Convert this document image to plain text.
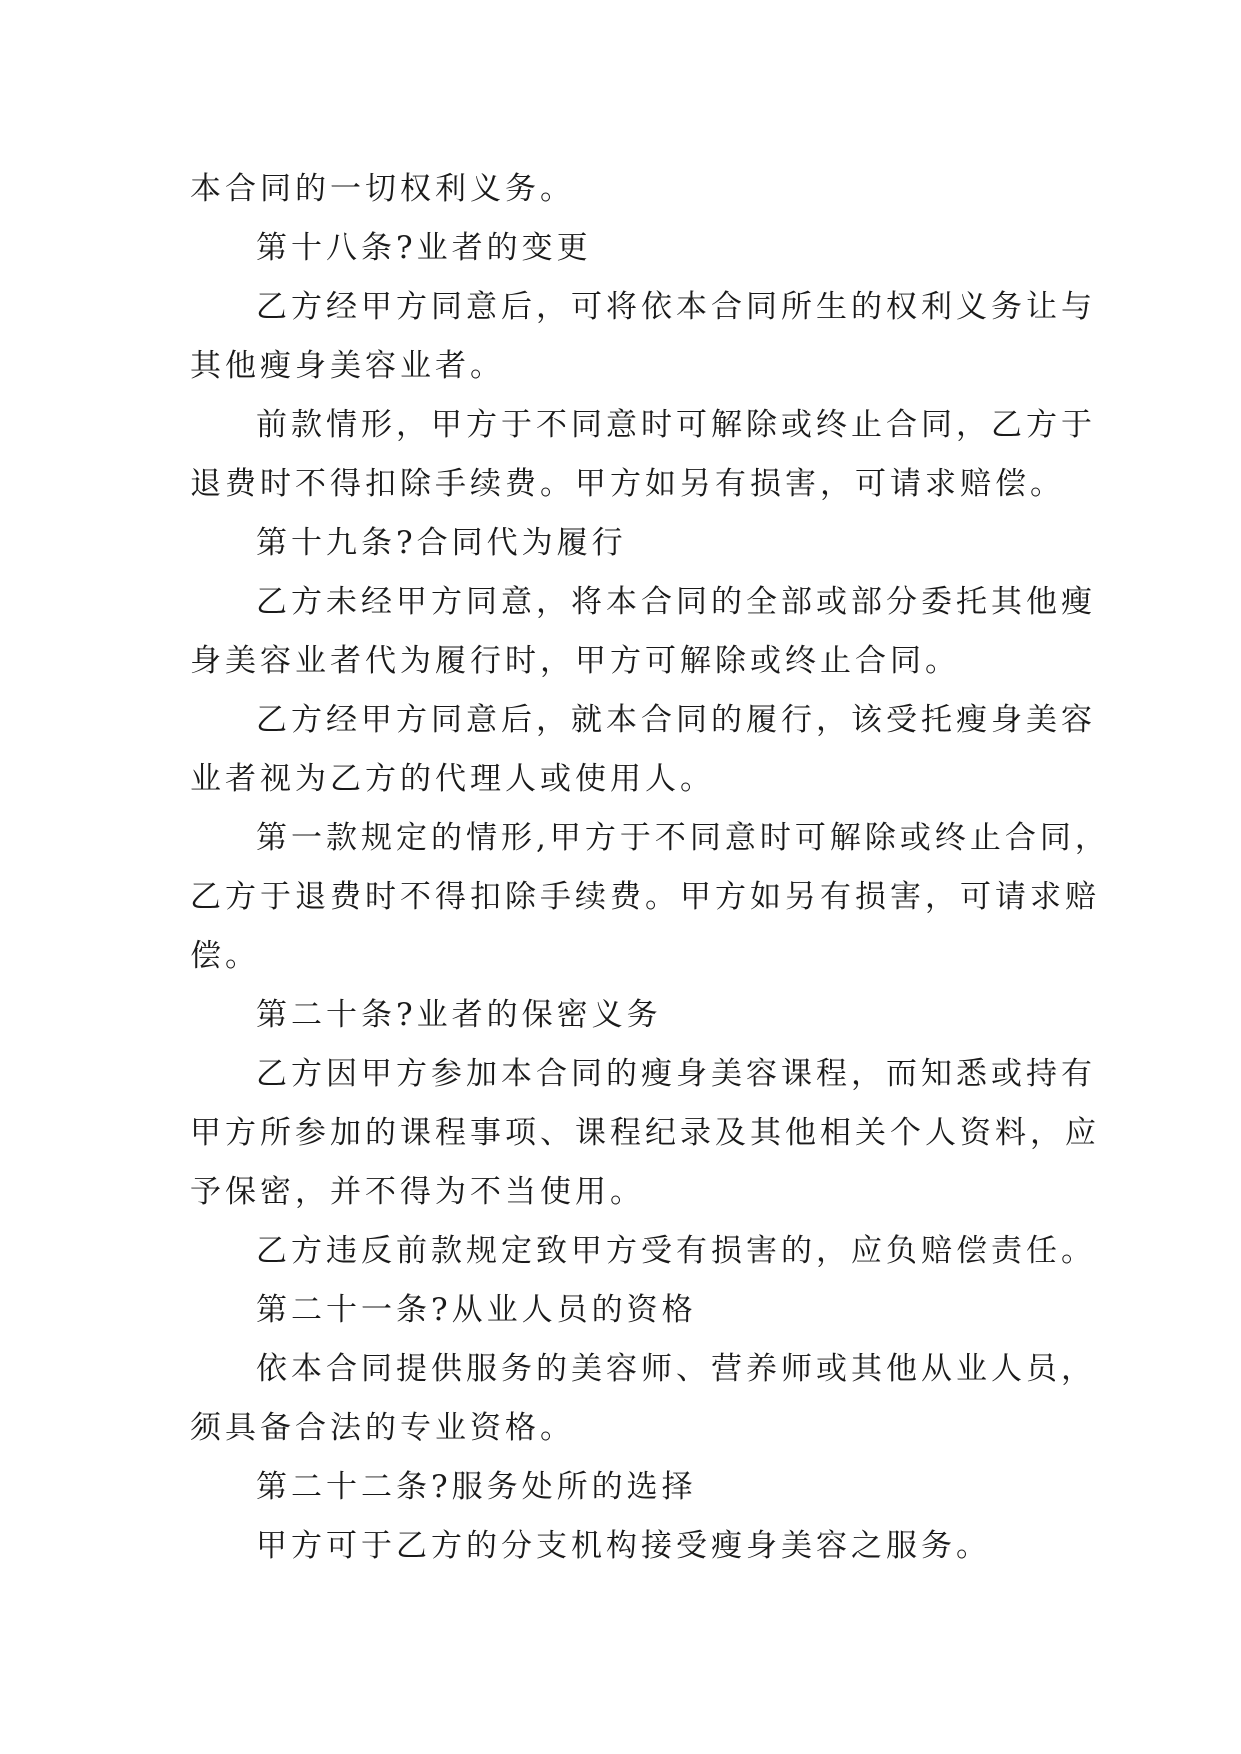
本合同的一切权利义务。
第十八条?业者的变更
乙方经甲方同意后，可将依本合同所生的权利义务让与
其他瘦身美容业者。
前款情形，甲方于不同意时可解除或终止合同，乙方于
退费时不得扣除手续费。甲方如另有损害，可请求赔偿。
第十九条?合同代为履行
乙方未经甲方同意，将本合同的全部或部分委托其他瘦
身美容业者代为履行时，甲方可解除或终止合同。
乙方经甲方同意后，就本合同的履行，该受托瘦身美容
业者视为乙方的代理人或使用人。
第一款规定的情形,甲方于不同意时可解除或终止合同，
乙方于退费时不得扣除手续费。甲方如另有损害，可请求赔
偿。
第二十条?业者的保密义务
乙方因甲方参加本合同的瘦身美容课程，而知悉或持有
甲方所参加的课程事项、课程纪录及其他相关个人资料，应
予保密，并不得为不当使用。
乙方违反前款规定致甲方受有损害的，应负赔偿责任。
第二十一条?从业人员的资格
依本合同提供服务的美容师、营养师或其他从业人员，
须具备合法的专业资格。
第二十二条?服务处所的选择
甲方可于乙方的分支机构接受瘦身美容之服务。
